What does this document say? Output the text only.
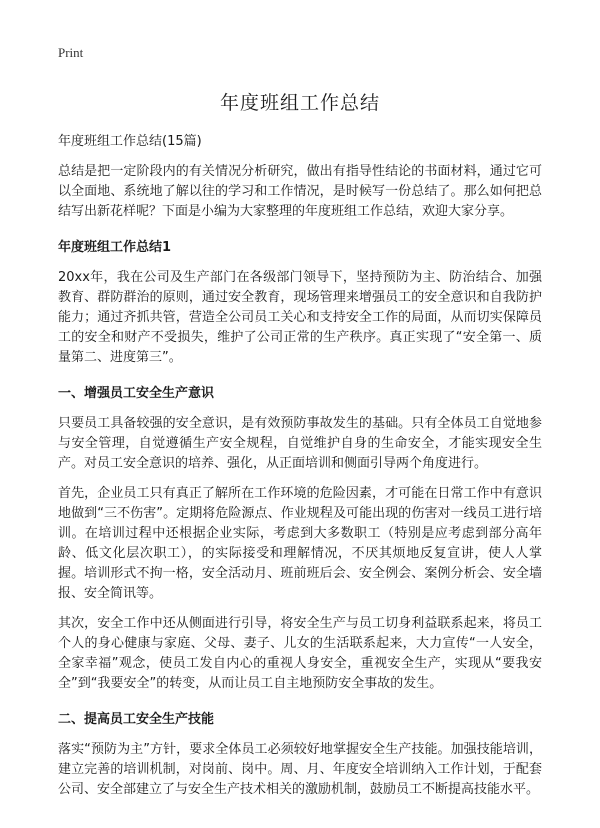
Print
年度班组工作总结
年度班组工作总结(15篇)

总结是把一定阶段内的有关情况分析研究，做出有指导性结论的书面材料，通过它可以全面地、系统地了解以往的学习和工作情况，是时候写一份总结了。那么如何把总结写出新花样呢？下面是小编为大家整理的年度班组工作总结，欢迎大家分享。

年度班组工作总结1

20xx年，我在公司及生产部门在各级部门领导下，坚持预防为主、防治结合、加强教育、群防群治的原则，通过安全教育，现场管理来增强员工的安全意识和自我防护能力；通过齐抓共管，营造全公司员工关心和支持安全工作的局面，从而切实保障员工的安全和财产不受损失，维护了公司正常的生产秩序。真正实现了“安全第一、质量第二、进度第三”。

一、增强员工安全生产意识

只要员工具备较强的安全意识，是有效预防事故发生的基础。只有全体员工自觉地参与安全管理，自觉遵循生产安全规程，自觉维护自身的生命安全，才能实现安全生产。对员工安全意识的培养、强化，从正面培训和侧面引导两个角度进行。

首先，企业员工只有真正了解所在工作环境的危险因素，才可能在日常工作中有意识地做到“三不伤害”。定期将危险源点、作业规程及可能出现的伤害对一线员工进行培训。在培训过程中还根据企业实际，考虑到大多数职工（特别是应考虑到部分高年龄、低文化层次职工），的实际接受和理解情况，不厌其烦地反复宣讲，使人人掌握。培训形式不拘一格，安全活动月、班前班后会、安全例会、案例分析会、安全墙报、安全简讯等。

其次，安全工作中还从侧面进行引导，将安全生产与员工切身利益联系起来，将员工个人的身心健康与家庭、父母、妻子、儿女的生活联系起来，大力宣传“一人安全，全家幸福”观念，使员工发自内心的重视人身安全，重视安全生产，实现从“要我安全”到“我要安全”的转变，从而让员工自主地预防安全事故的发生。

二、提高员工安全生产技能

落实“预防为主”方针，要求全体员工必须较好地掌握安全生产技能。加强技能培训，建立完善的培训机制，对岗前、岗中。周、月、年度安全培训纳入工作计划，于配套公司、安全部建立了与安全生产技术相关的激励机制，鼓励员工不断提高技能水平。
